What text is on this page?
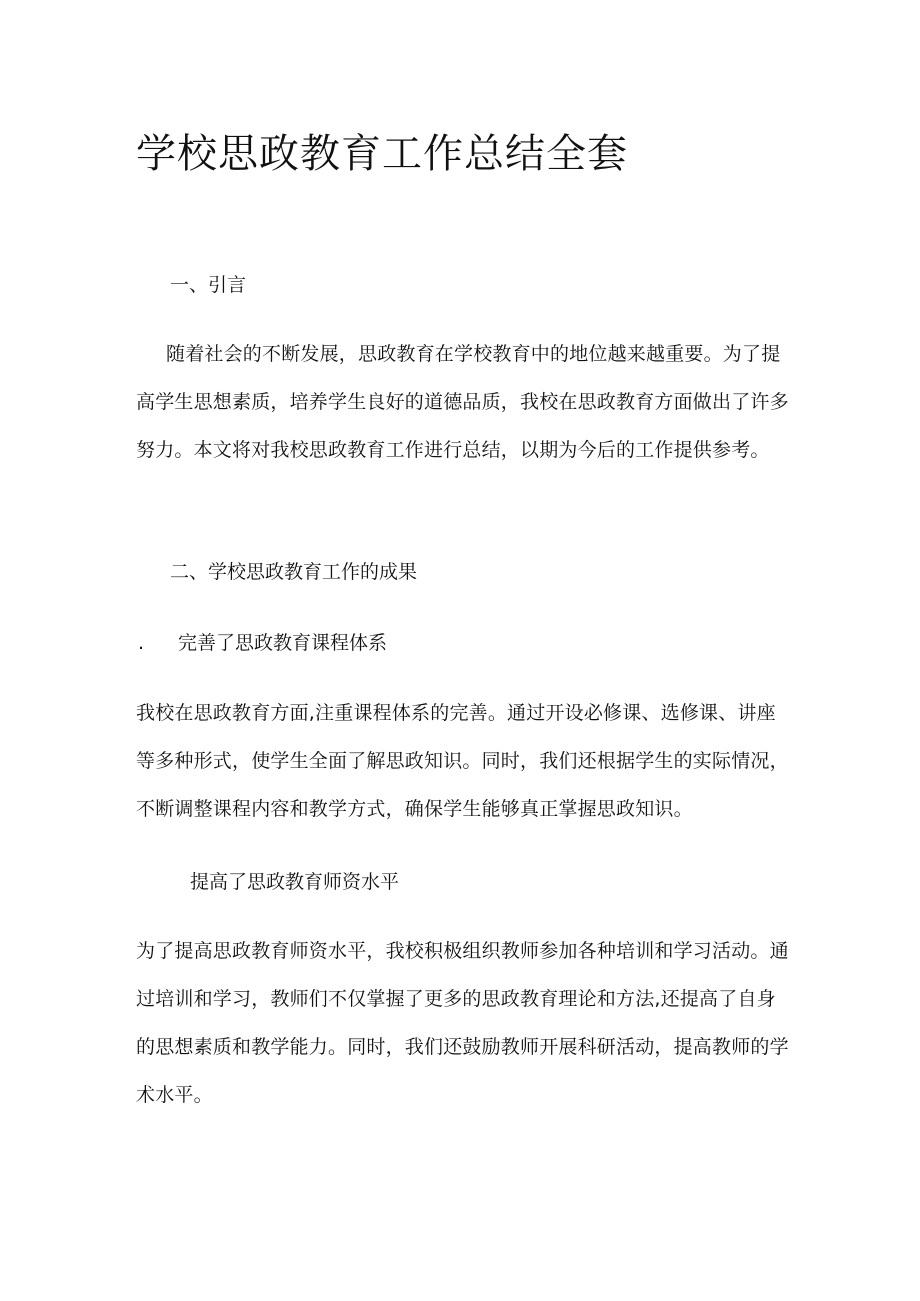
学校思政教育工作总结全套
一、引言

随着社会的不断发展，思政教育在学校教育中的地位越来越重要。为了提高学生思想素质，培养学生良好的道德品质，我校在思政教育方面做出了许多努力。本文将对我校思政教育工作进行总结，以期为今后的工作提供参考。

二、学校思政教育工作的成果
. 完善了思政教育课程体系

我校在思政教育方面,注重课程体系的完善。通过开设必修课、选修课、讲座等多种形式，使学生全面了解思政知识。同时，我们还根据学生的实际情况，不断调整课程内容和教学方式，确保学生能够真正掌握思政知识。

提高了思政教育师资水平

为了提高思政教育师资水平，我校积极组织教师参加各种培训和学习活动。通过培训和学习，教师们不仅掌握了更多的思政教育理论和方法,还提高了自身的思想素质和教学能力。同时，我们还鼓励教师开展科研活动，提高教师的学术水平。
